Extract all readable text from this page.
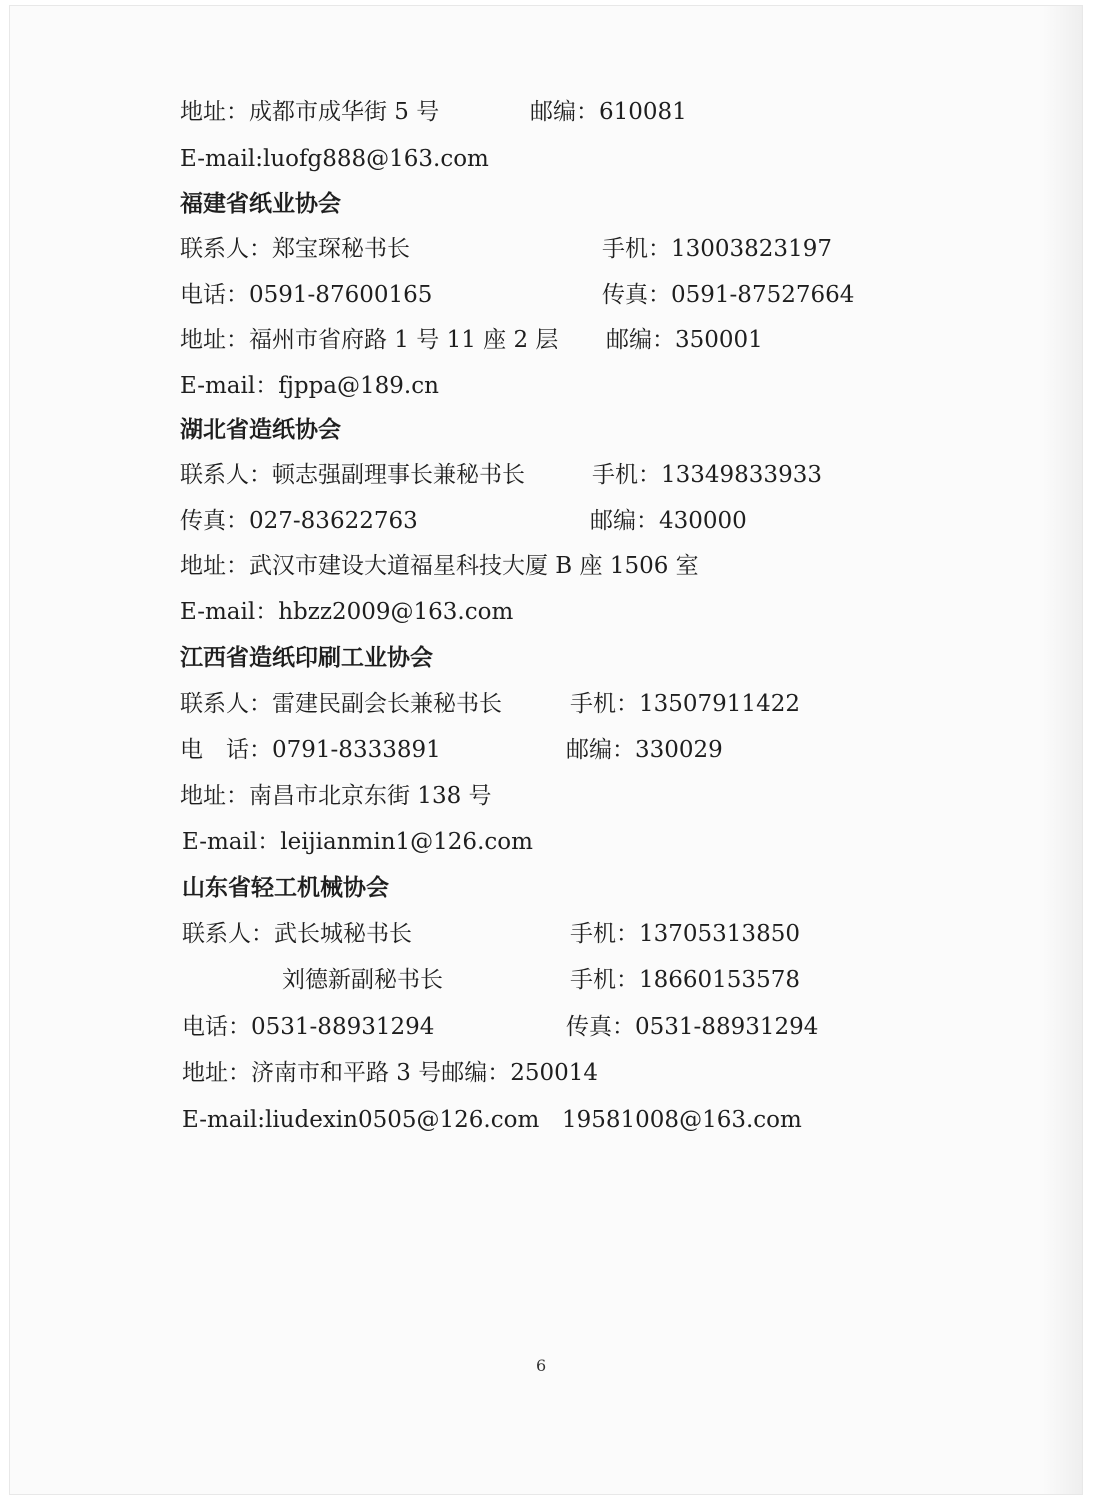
地址：成都市成华街 5 号	邮编：610081
E-mail:luofg888@163.com
福建省纸业协会
联系人：郑宝琛秘书长	手机：13003823197
电话：0591-87600165	传真：0591-87527664
地址：福州市省府路 1 号 11 座 2 层 邮编：350001
E-mail：fjppa@189.cn
湖北省造纸协会
联系人：顿志强副理事长兼秘书长	手机：13349833933
传真：027-83622763	邮编：430000
地址：武汉市建设大道福星科技大厦 B 座 1506 室
E-mail：hbzz2009@163.com
江西省造纸印刷工业协会
联系人：雷建民副会长兼秘书长	手机：13507911422
电　话：0791-8333891	邮编：330029
地址：南昌市北京东街 138 号
E-mail：leijianmin1@126.com
山东省轻工机械协会
联系人：武长城秘书长	手机：13705313850
刘德新副秘书长	手机：18660153578
电话：0531-88931294	传真：0531-88931294
地址：济南市和平路 3 号邮编：250014
E-mail:liudexin0505@126.com 19581008@163.com
6
